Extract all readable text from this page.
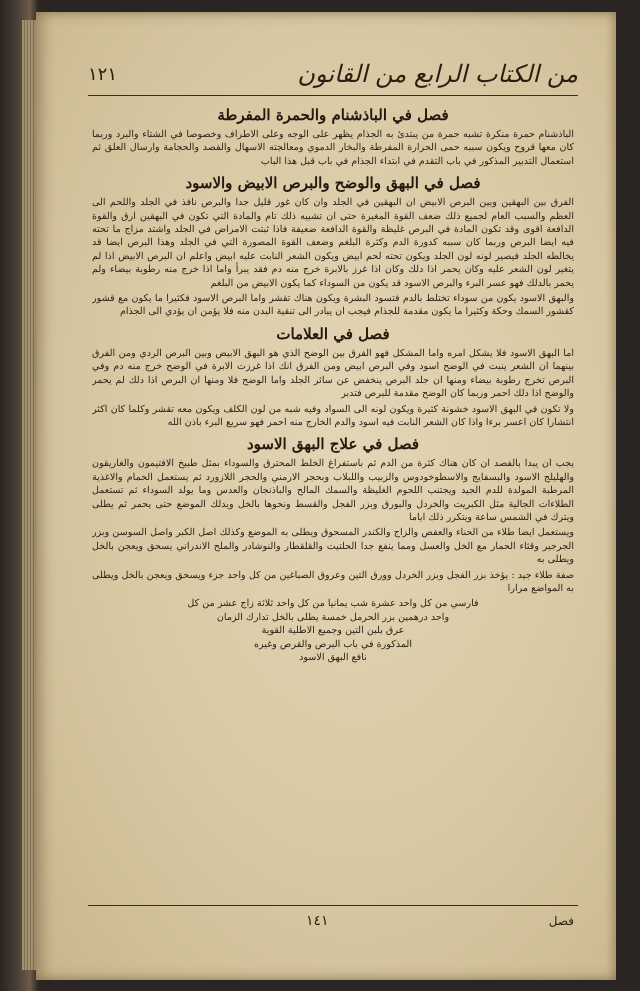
من الكتاب الرابع من القانون
١٢١
فصل في الباذشنام والحمرة المفرطة

الباذشنام حمرة منكرة تشبه حمرة من يبتدئ به الجذام يظهر على الوجه وعلى الاطراف وخصوصا في الشتاء والبرد وربما كان معها قروح ويكون سببه حمى الحرارة المفرطة والبخار الدموي ومعالجته الاسهال والفصد والحجامة وارسال العلق ثم استعمال التدبير المذكور في باب التقدم في ابتداء الجذام في باب قبل هذا الباب

فصل في البهق والوضح والبرص الابيض والاسود

الفرق بين البهقين وبين البرص الابيض ان البهقين في الجلد وان كان غور قليل جدا والبرص نافذ في الجلد واللحم الى العظم والسبب العام لجميع ذلك ضعف القوة المغيرة حتى ان تشبيه ذلك تام والمادة التي تكون في البهقين ارق والقوة الدافعة اقوى وقد تكون المادة في البرص غليظة والقوة الدافعة ضعيفة فاذا ثبتت الامراض في الجلد واشتد مزاج ما تحته فيه ايضا البرص وربما كان سببه كدورة الدم وكثرة البلغم وضعف القوة المصورة التي في الجلد وهذا البرص ايضا قد يخالطه الجلد فيصير لونه لون الجلد ويكون تحته لحم ابيض ويكون الشعر النابت عليه ابيض واعلم ان البرص الابيض اذا لم يتغير لون الشعر عليه وكان يحمر اذا دلك وكان اذا غرز بالابرة خرج منه دم فقد يبرأ واما اذا خرج منه رطوبة بيضاء ولم يحمر بالدلك فهو عسر البرء والبرص الاسود قد يكون من السوداء كما يكون الابيض من البلغم

والبهق الاسود يكون من سوداء تختلط بالدم فتسود البشرة ويكون هناك تقشر واما البرص الاسود فكثيرا ما يكون مع قشور كقشور السمك وحكة وكثيرا ما يكون مقدمة للجذام فيجب ان يبادر الى تنقية البدن منه فلا يؤمن ان يؤدي الى الجذام

فصل في العلامات

اما البهق الاسود فلا يشكل امره واما المشكل فهو الفرق بين الوضح الذي هو البهق الابيض وبين البرص الردي ومن الفرق بينهما ان الشعر ينبت في الوضح اسود وفي البرص ابيض ومن الفرق انك اذا غرزت الابرة في الوضح خرج منه دم وفي البرص تخرج رطوبة بيضاء ومنها ان جلد البرص ينخفض عن سائر الجلد واما الوضح فلا ومنها ان البرص اذا دلك لم يحمر والوضح اذا دلك احمر وربما كان الوضح مقدمة للبرص فتدبر

ولا تكون في البهق الاسود خشونة كثيرة ويكون لونه الى السواد وفيه شبه من لون الكلف ويكون معه تقشر وكلما كان اكثر انتشارا كان اعسر برءا واذا كان الشعر النابت فيه اسود والدم الخارج منه احمر فهو سريع البرء باذن الله

فصل في علاج البهق الاسود

يجب ان يبدا بالفصد ان كان هناك كثرة من الدم ثم باستفراغ الخلط المحترق والسوداء بمثل طبيخ الافتيمون والغاريقون والهليلج الاسود والبسفايج والاسطوخودوس والزبيب واللبلاب وبحجر الارمني والحجر اللازورد ثم يستعمل الحمام والاغذية المرطبة المولدة للدم الجيد ويجتنب اللحوم الغليظة والسمك المالح والباذنجان والعدس وما يولد السوداء ثم تستعمل الطلاءات الجالية مثل الكبريت والخردل والبورق وبزر الفجل والقسط ونحوها بالخل ويدلك الموضع حتى يحمر ثم يطلى ويترك في الشمس ساعة ويتكرر ذلك اياما

ويستعمل ايضا طلاء من الحناء والعفص والزاج والكندر المسحوق ويطلى به الموضع وكذلك اصل الكبر واصل السوسن وبزر الجرجير وقثاء الحمار مع الخل والعسل ومما ينفع جدا الحلتيت والقلقطار والنوشادر والملح الاندراني يسحق ويعجن بالخل ويطلى به

صفة طلاء جيد : يؤخذ بزر الفجل وبزر الخردل وورق التين وعروق الصباغين من كل واحد جزء ويسحق ويعجن بالخل ويطلى به المواضع مرارا

فارسي من كل واحد عشرة شب يمانيا من كل واحد ثلاثة زاج عشر من كل

واحد درهمين بزر الحرمل خمسة يطلى بالخل تدارك الزمان

عرق بلبن التين وجميع الاطلية القوية

المذكورة في باب البرص والقرص وغيره

نافع البهق الاسود

فصل
١٤١
